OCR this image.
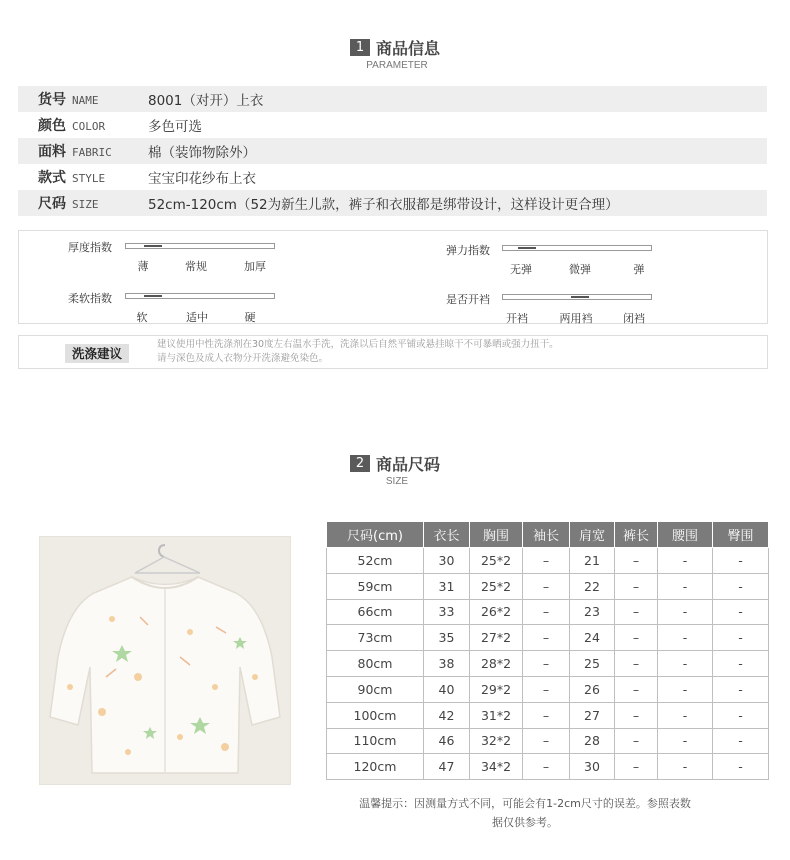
1 商品信息
PARAMETER
货号 NAME	8001（对开）上衣
颜色 COLOR	多色可选
面料 FABRIC	棉（装饰物除外）
款式 STYLE	宝宝印花纱布上衣
尺码 SIZE	52cm-120cm（52为新生儿款，裤子和衣服都是绑带设计，这样设计更合理）
厚度指数
薄	常规	加厚
柔软指数
软	适中	硬
弹力指数
无弹	微弹	弹
是否开裆
开裆	两用裆	闭裆
洗涤建议
建议使用中性洗涤剂在30度左右温水手洗，洗涤以后自然平铺或悬挂晾干不可暴晒或强力扭干。
请与深色及成人衣物分开洗涤避免染色。
2 商品尺码
SIZE
尺码(cm)	衣长	胸围	袖长	肩宽	裤长	腰围	臀围
52cm	30	25*2	–	21	–	-	-
59cm	31	25*2	–	22	–	-	-
66cm	33	26*2	–	23	–	-	-
73cm	35	27*2	–	24	–	-	-
80cm	38	28*2	–	25	–	-	-
90cm	40	29*2	–	26	–	-	-
100cm	42	31*2	–	27	–	-	-
110cm	46	32*2	–	28	–	-	-
120cm	47	34*2	–	30	–	-	-
温馨提示：因测量方式不同，可能会有1-2cm尺寸的误差。参照表数
据仅供参考。
